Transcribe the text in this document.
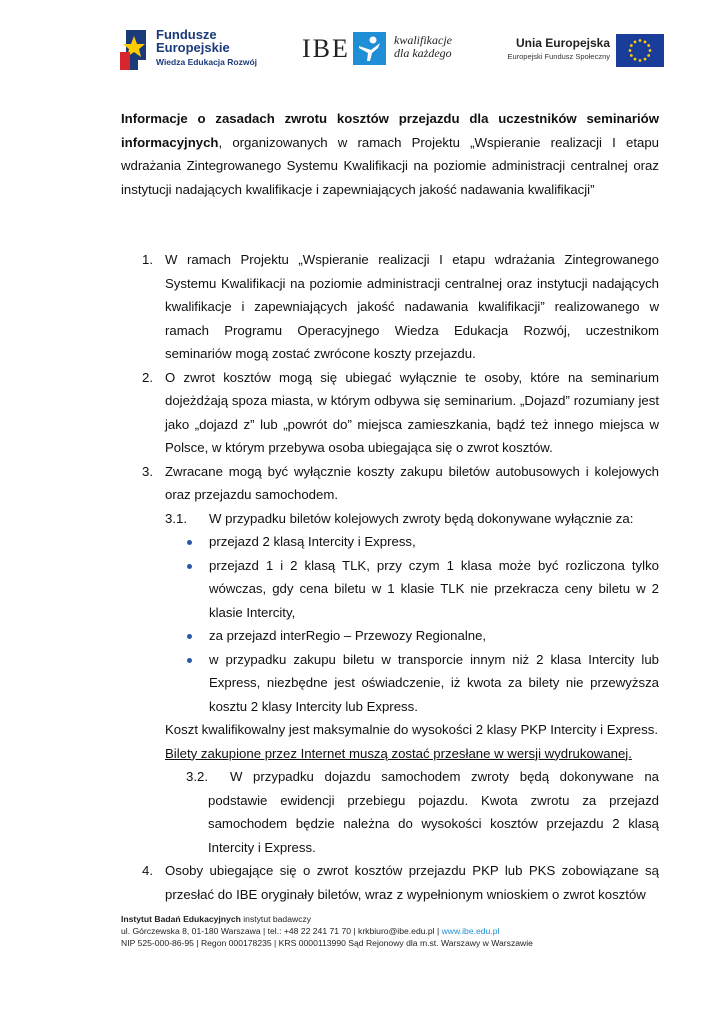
Fundusze
Europejskie
Wiedza Edukacja Rozwój IBE	kwalifikacje
dla każdego
Unia Europejska
Europejski Fundusz Społeczny

Informacje o zasadach zwrotu kosztów przejazdu dla uczestników seminariów informacyjnych, organizowanych w ramach Projektu „Wspieranie realizacji I etapu wdrażania Zintegrowanego Systemu Kwalifikacji na poziomie administracji centralnej oraz instytucji nadających kwalifikacje i zapewniających jakość nadawania kwalifikacji”

1. W ramach Projektu „Wspieranie realizacji I etapu wdrażania Zintegrowanego Systemu Kwalifikacji na poziomie administracji centralnej oraz instytucji nadających kwalifikacje i zapewniających jakość nadawania kwalifikacji” realizowanego w ramach Programu Operacyjnego Wiedza Edukacja Rozwój, uczestnikom seminariów mogą zostać zwrócone koszty przejazdu.
2. O zwrot kosztów mogą się ubiegać wyłącznie te osoby, które na seminarium dojeżdżają spoza miasta, w którym odbywa się seminarium. „Dojazd” rozumiany jest jako „dojazd z” lub „powrót do” miejsca zamieszkania, bądź też innego miejsca w Polsce, w którym przebywa osoba ubiegająca się o zwrot kosztów.
3. Zwracane mogą być wyłącznie koszty zakupu biletów autobusowych i kolejowych oraz przejazdu samochodem.
3.1. W przypadku biletów kolejowych zwroty będą dokonywane wyłącznie za:
przejazd 2 klasą Intercity i Express,
przejazd 1 i 2 klasą TLK, przy czym 1 klasa może być rozliczona tylko wówczas, gdy cena biletu w 1 klasie TLK nie przekracza ceny biletu w 2 klasie Intercity,
za przejazd interRegio – Przewozy Regionalne,
w przypadku zakupu biletu w transporcie innym niż 2 klasa Intercity lub Express, niezbędne jest oświadczenie, iż kwota za bilety nie przewyższa kosztu 2 klasy Intercity lub Express.
Koszt kwalifikowalny jest maksymalnie do wysokości 2 klasy PKP Intercity i Express.
Bilety zakupione przez Internet muszą zostać przesłane w wersji wydrukowanej.
3.2. W przypadku dojazdu samochodem zwroty będą dokonywane na podstawie ewidencji przebiegu pojazdu. Kwota zwrotu za przejazd samochodem będzie należna do wysokości kosztów przejazdu 2 klasą Intercity i Express.
4. Osoby ubiegające się o zwrot kosztów przejazdu PKP lub PKS zobowiązane są przesłać do IBE oryginały biletów, wraz z wypełnionym wnioskiem o zwrot kosztów
Instytut Badań Edukacyjnych instytut badawczy
ul. Górczewska 8, 01-180 Warszawa | tel.: +48 22 241 71 70 | krkbiuro@ibe.edu.pl | www.ibe.edu.pl
NIP 525-000-86-95 | Regon 000178235 | KRS 0000113990 Sąd Rejonowy dla m.st. Warszawy w Warszawie
